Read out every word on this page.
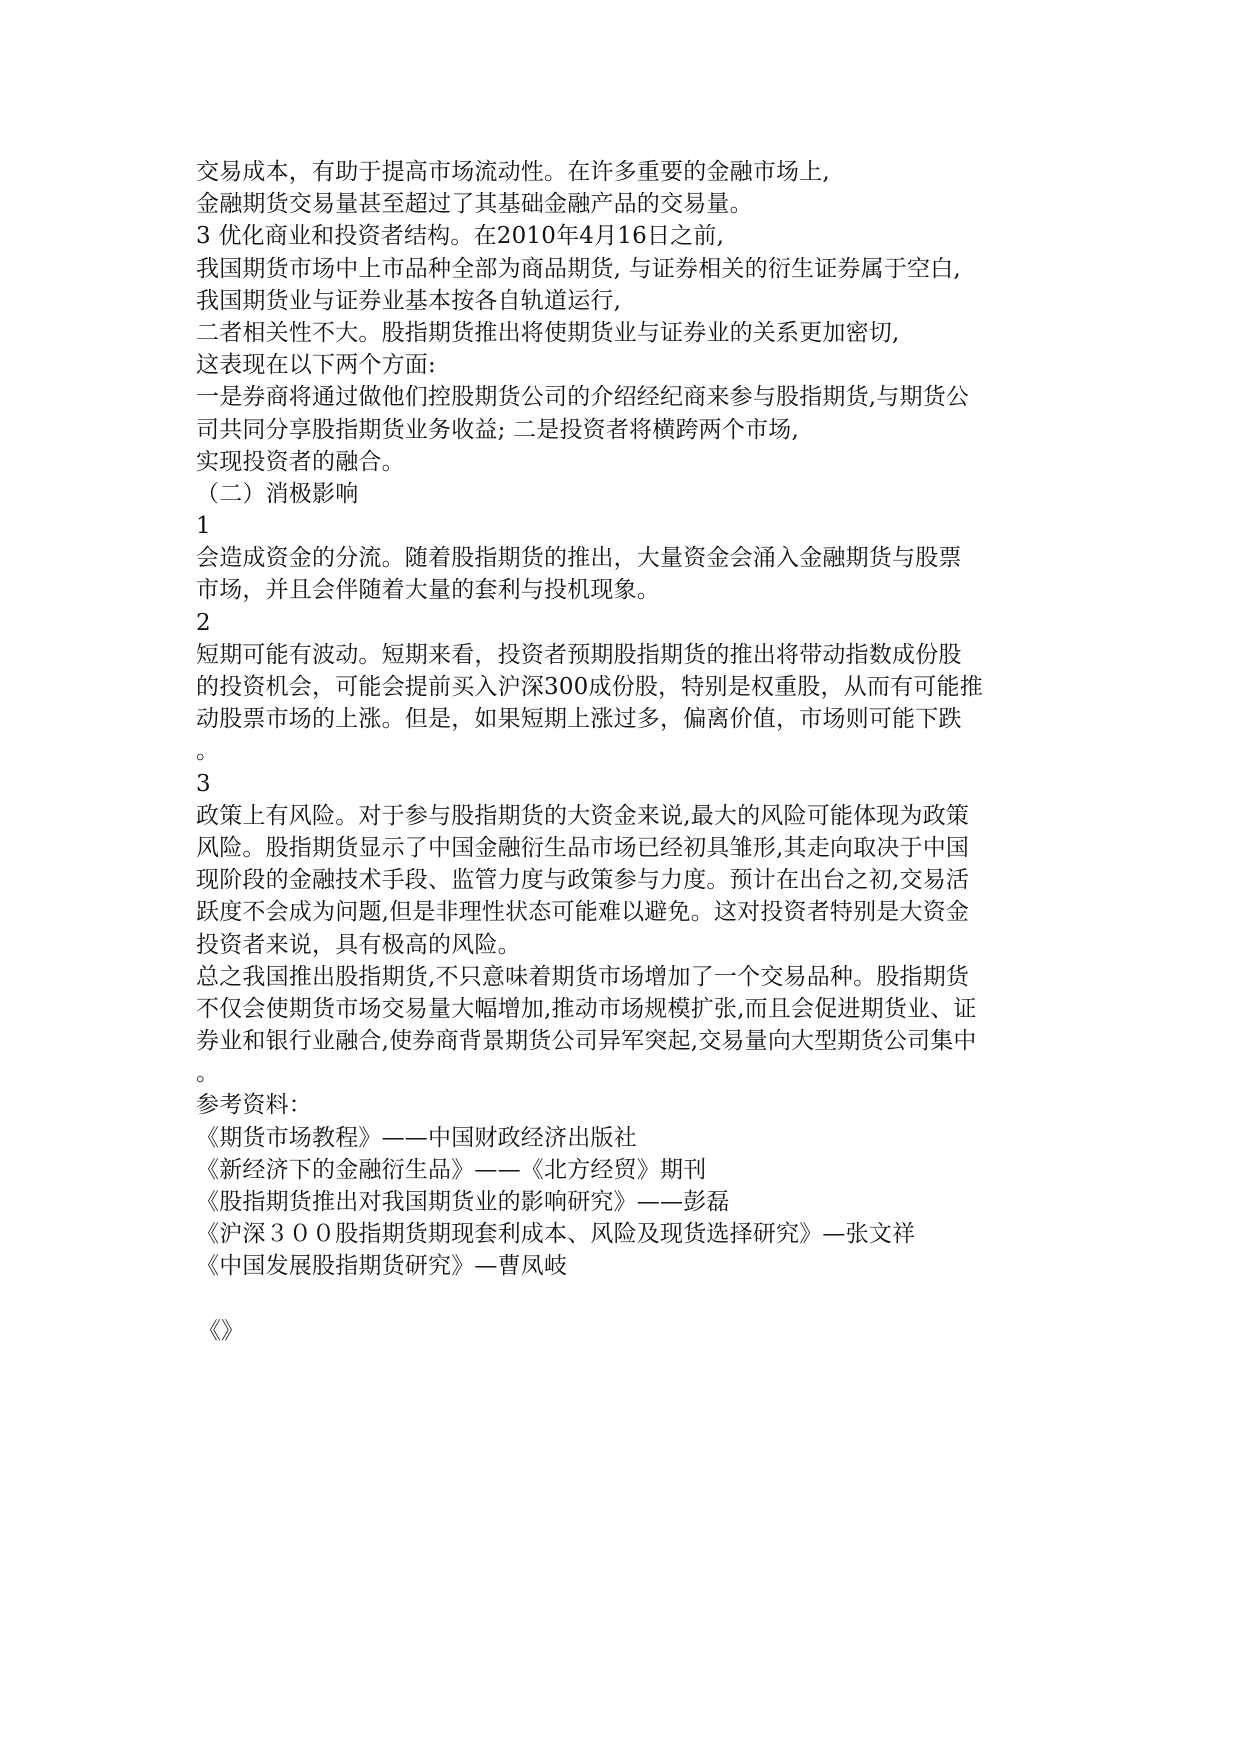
交易成本，有助于提高市场流动性。在许多重要的金融市场上,
金融期货交易量甚至超过了其基础金融产品的交易量。
3 优化商业和投资者结构。在2010年4月16日之前,
我国期货市场中上市品种全部为商品期货, 与证券相关的衍生证券属于空白,
我国期货业与证券业基本按各自轨道运行,
二者相关性不大。股指期货推出将使期货业与证券业的关系更加密切,
这表现在以下两个方面:
一是券商将通过做他们控股期货公司的介绍经纪商来参与股指期货,与期货公
司共同分享股指期货业务收益; 二是投资者将横跨两个市场,
实现投资者的融合。
（二）消极影响
1
会造成资金的分流。随着股指期货的推出，大量资金会涌入金融期货与股票
市场，并且会伴随着大量的套利与投机现象。
2
短期可能有波动。短期来看，投资者预期股指期货的推出将带动指数成份股
的投资机会，可能会提前买入沪深300成份股，特别是权重股，从而有可能推
动股票市场的上涨。但是，如果短期上涨过多，偏离价值，市场则可能下跌
。
3
政策上有风险。对于参与股指期货的大资金来说,最大的风险可能体现为政策
风险。股指期货显示了中国金融衍生品市场已经初具雏形,其走向取决于中国
现阶段的金融技术手段、监管力度与政策参与力度。预计在出台之初,交易活
跃度不会成为问题,但是非理性状态可能难以避免。这对投资者特别是大资金
投资者来说，具有极高的风险。
总之我国推出股指期货,不只意味着期货市场增加了一个交易品种。股指期货
不仅会使期货市场交易量大幅增加,推动市场规模扩张,而且会促进期货业、证
券业和银行业融合,使券商背景期货公司异军突起,交易量向大型期货公司集中
。
参考资料：
《期货市场教程》——中国财政经济出版社
《新经济下的金融衍生品》——《北方经贸》期刊
《股指期货推出对我国期货业的影响研究》——彭磊
《沪深３００股指期货期现套利成本、风险及现货选择研究》—张文祥
《中国发展股指期货研究》—曹凤岐
《》
